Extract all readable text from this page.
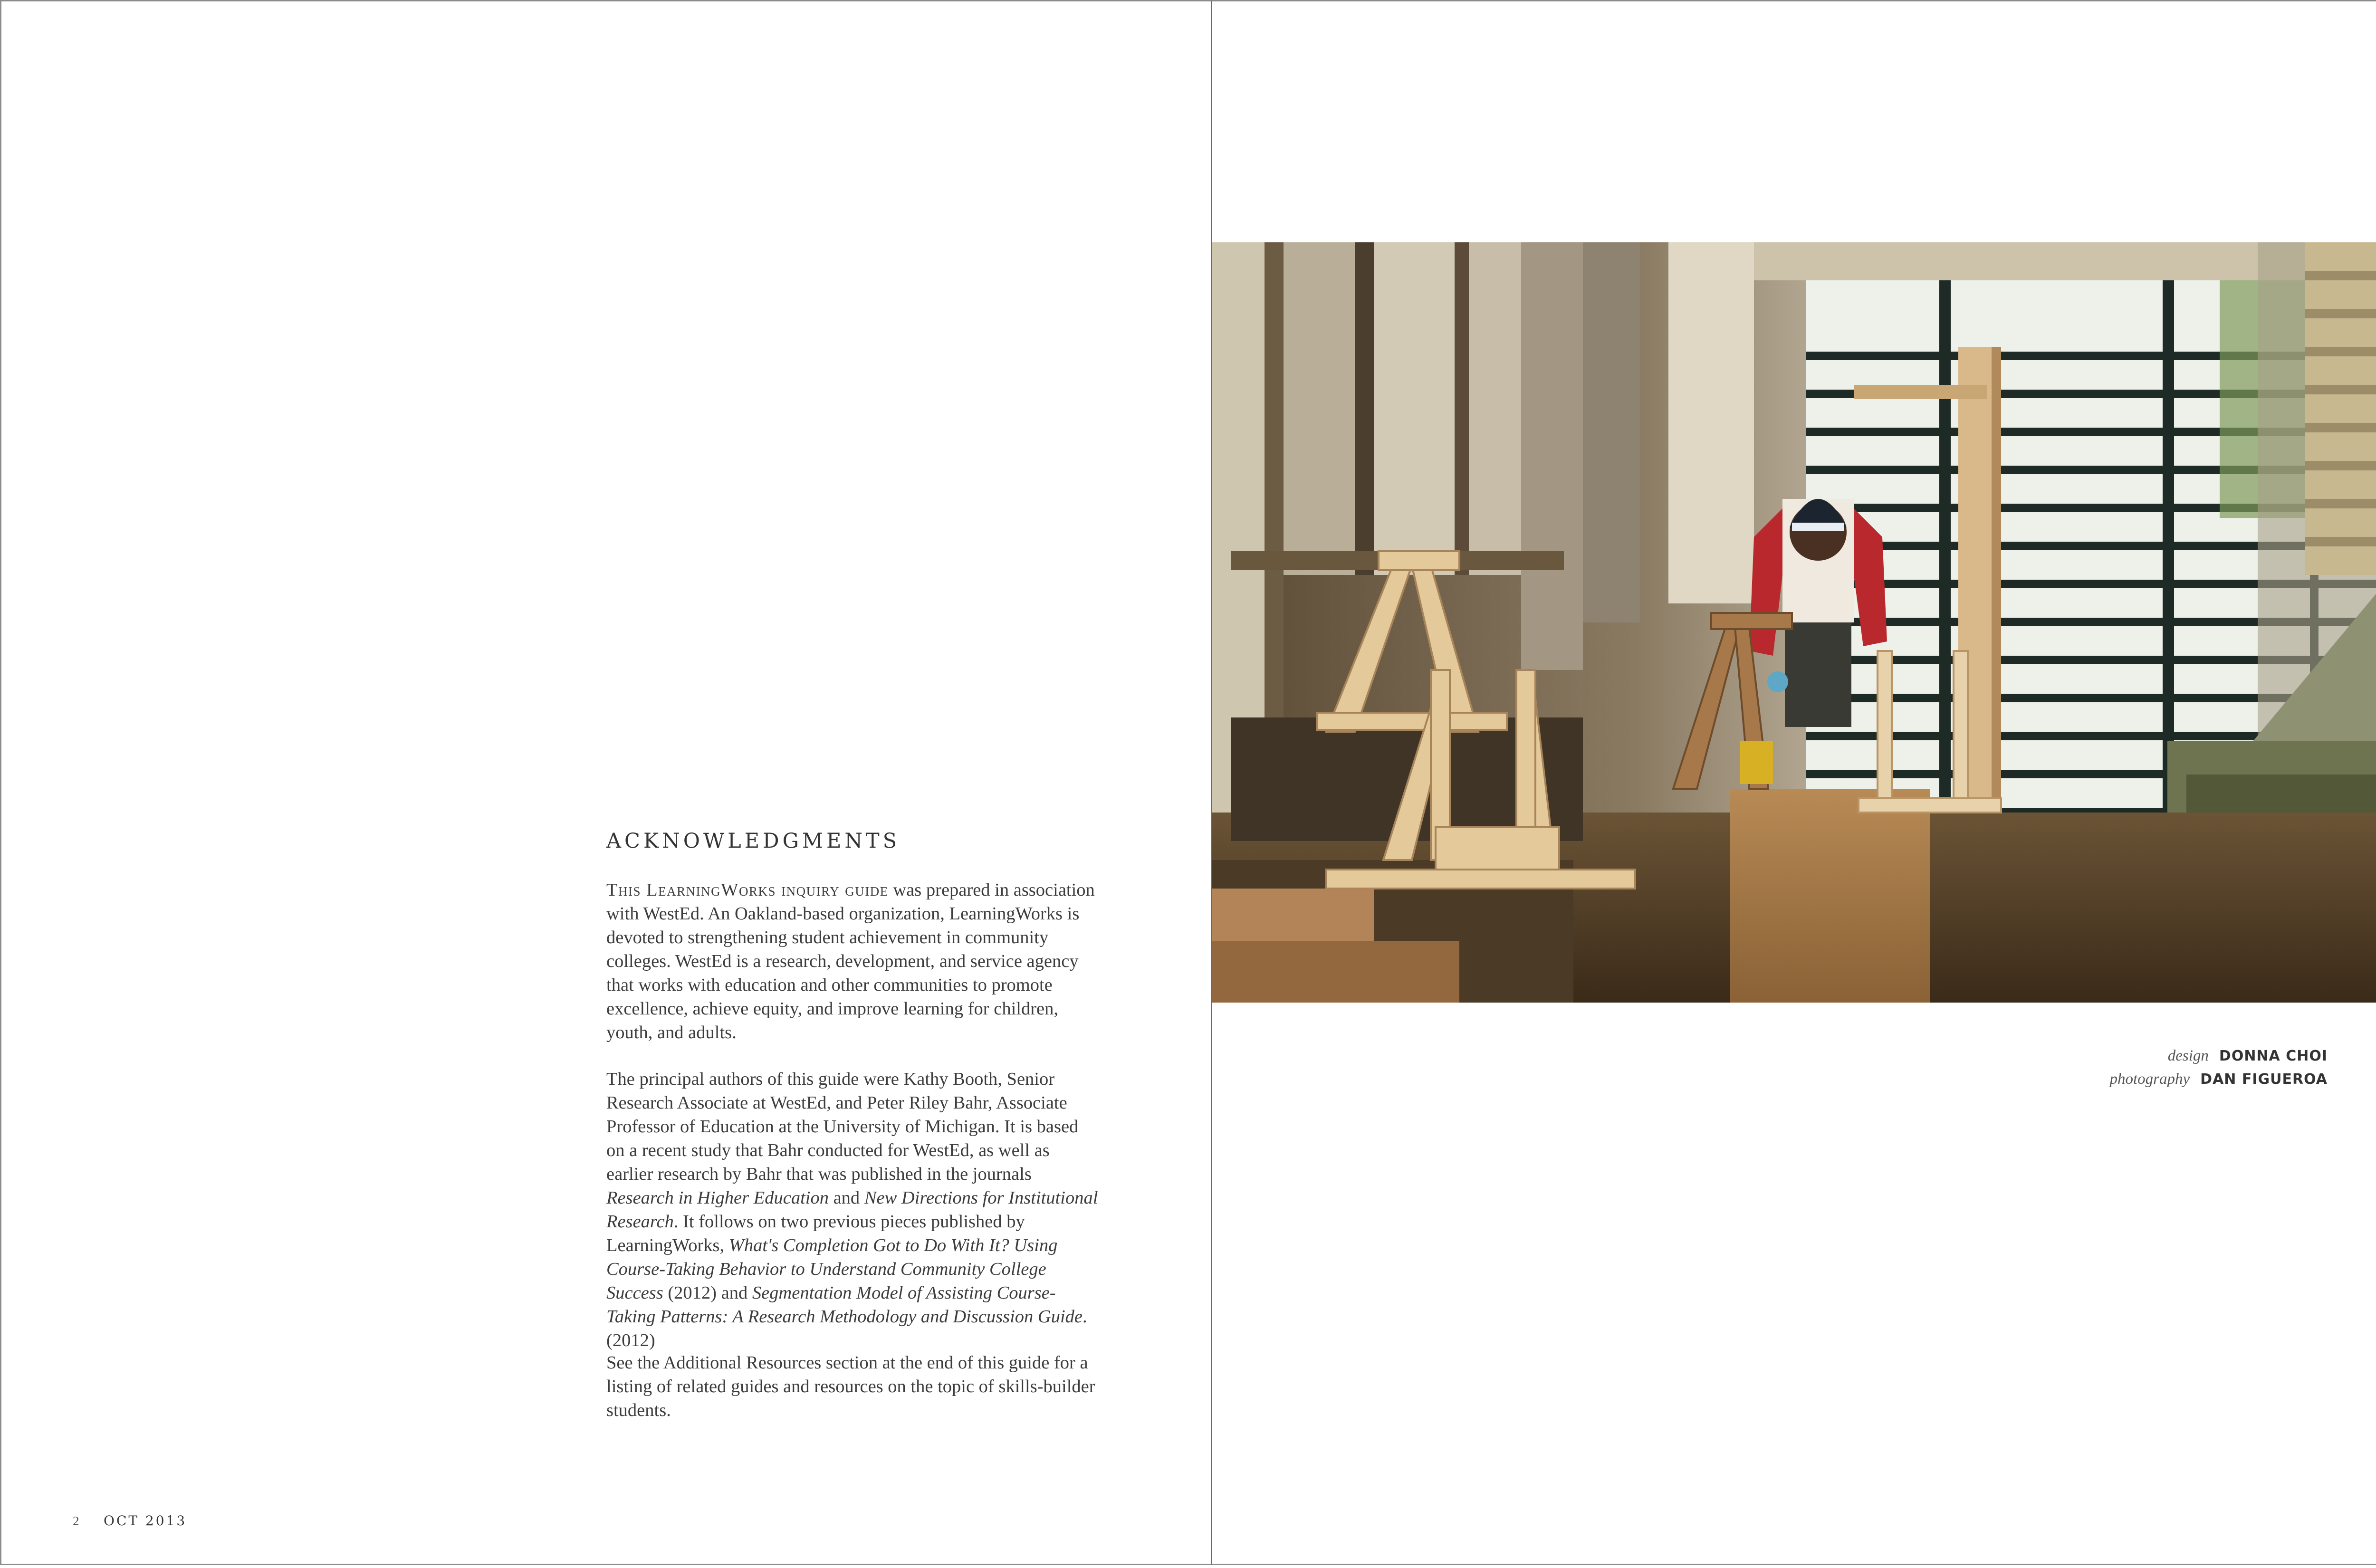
ACKNOWLEDGMENTS

This LearningWorks inquiry guide was prepared in association with WestEd. An Oakland-based organization, LearningWorks is devoted to strengthening student achievement in community colleges. WestEd is a research, development, and service agency that works with education and other communities to promote excellence, achieve equity, and improve learning for children, youth, and adults.

The principal authors of this guide were Kathy Booth, Senior Research Associate at WestEd, and Peter Riley Bahr, Associate Professor of Education at the University of Michigan. It is based on a recent study that Bahr conducted for WestEd, as well as earlier research by Bahr that was published in the journals Research in Higher Education and New Directions for Institutional Research. It follows on two previous pieces published by LearningWorks, What's Completion Got to Do With It? Using Course-Taking Behavior to Understand Community College Success (2012) and Segmentation Model of Assisting Course-Taking Patterns: A Research Methodology and Discussion Guide. (2012)

See the Additional Resources section at the end of this guide for a listing of related guides and resources on the topic of skills-builder students.

2 OCT 2013
design DONNA CHOI
photography DAN FIGUEROA
